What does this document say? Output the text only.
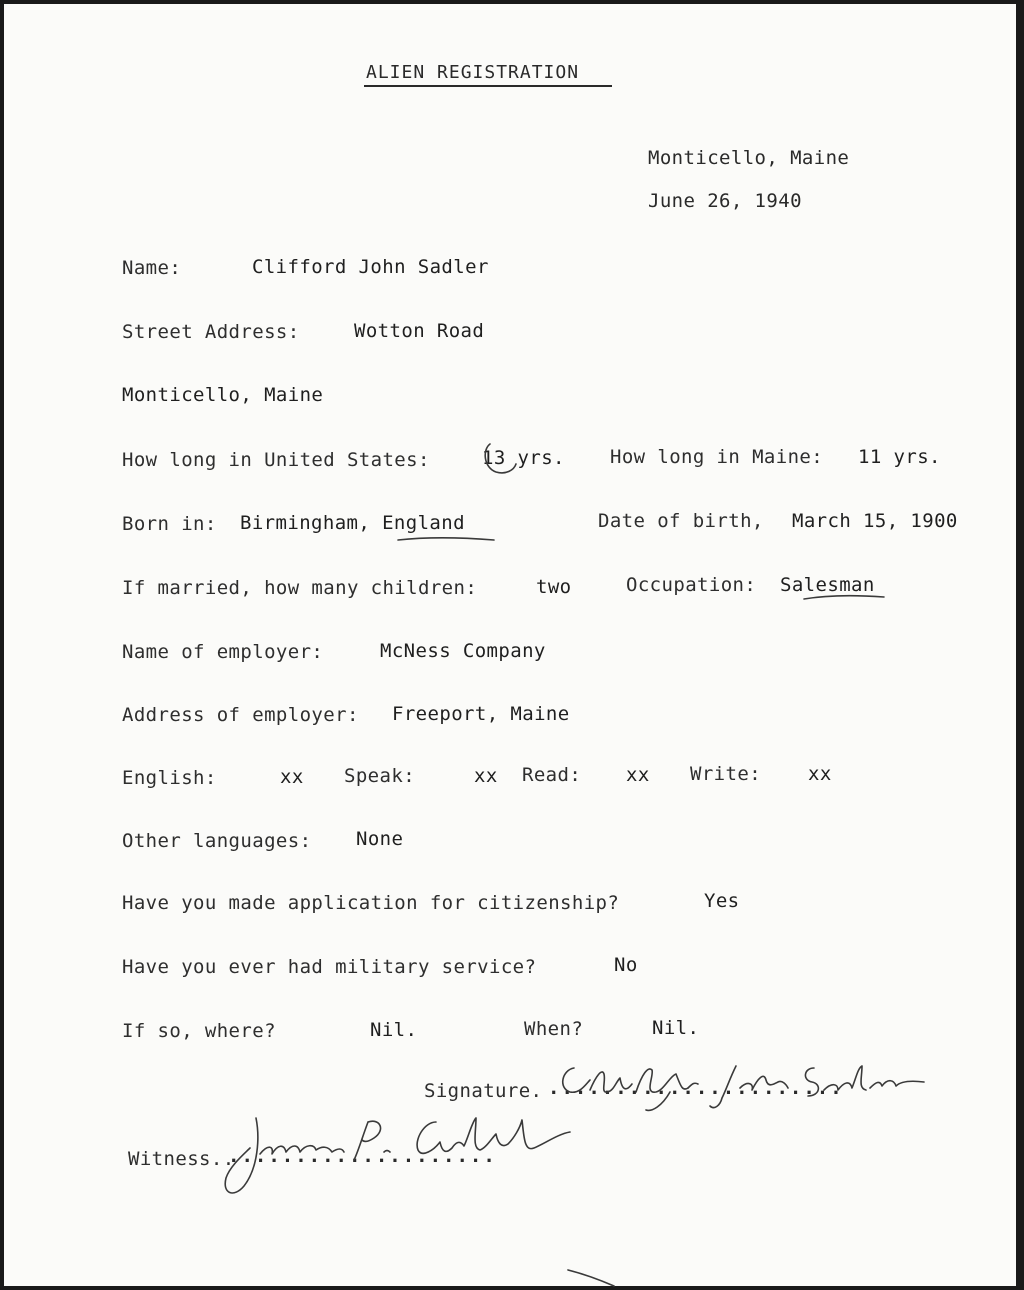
ALIEN REGISTRATION
Monticello, Maine
June 26, 1940
Name:	Clifford John Sadler
Street Address:	Wotton Road
Monticello, Maine
How long in United States:	13 yrs. How long in Maine: 11 yrs.
Born in: Birmingham, England	Date of birth, March 15, 1900
If married, how many children:	two	Occupation: Salesman
Name of employer:	McNess Company
Address of employer: Freeport, Maine
English:	xx Speak:	xx Read: xx Write: xx
Other languages: None
Have you made application for citizenship?	Yes
Have you ever had military service?	No
If so, where?	Nil.	When?	Nil.
Signature. ......................
Witness..
....................
